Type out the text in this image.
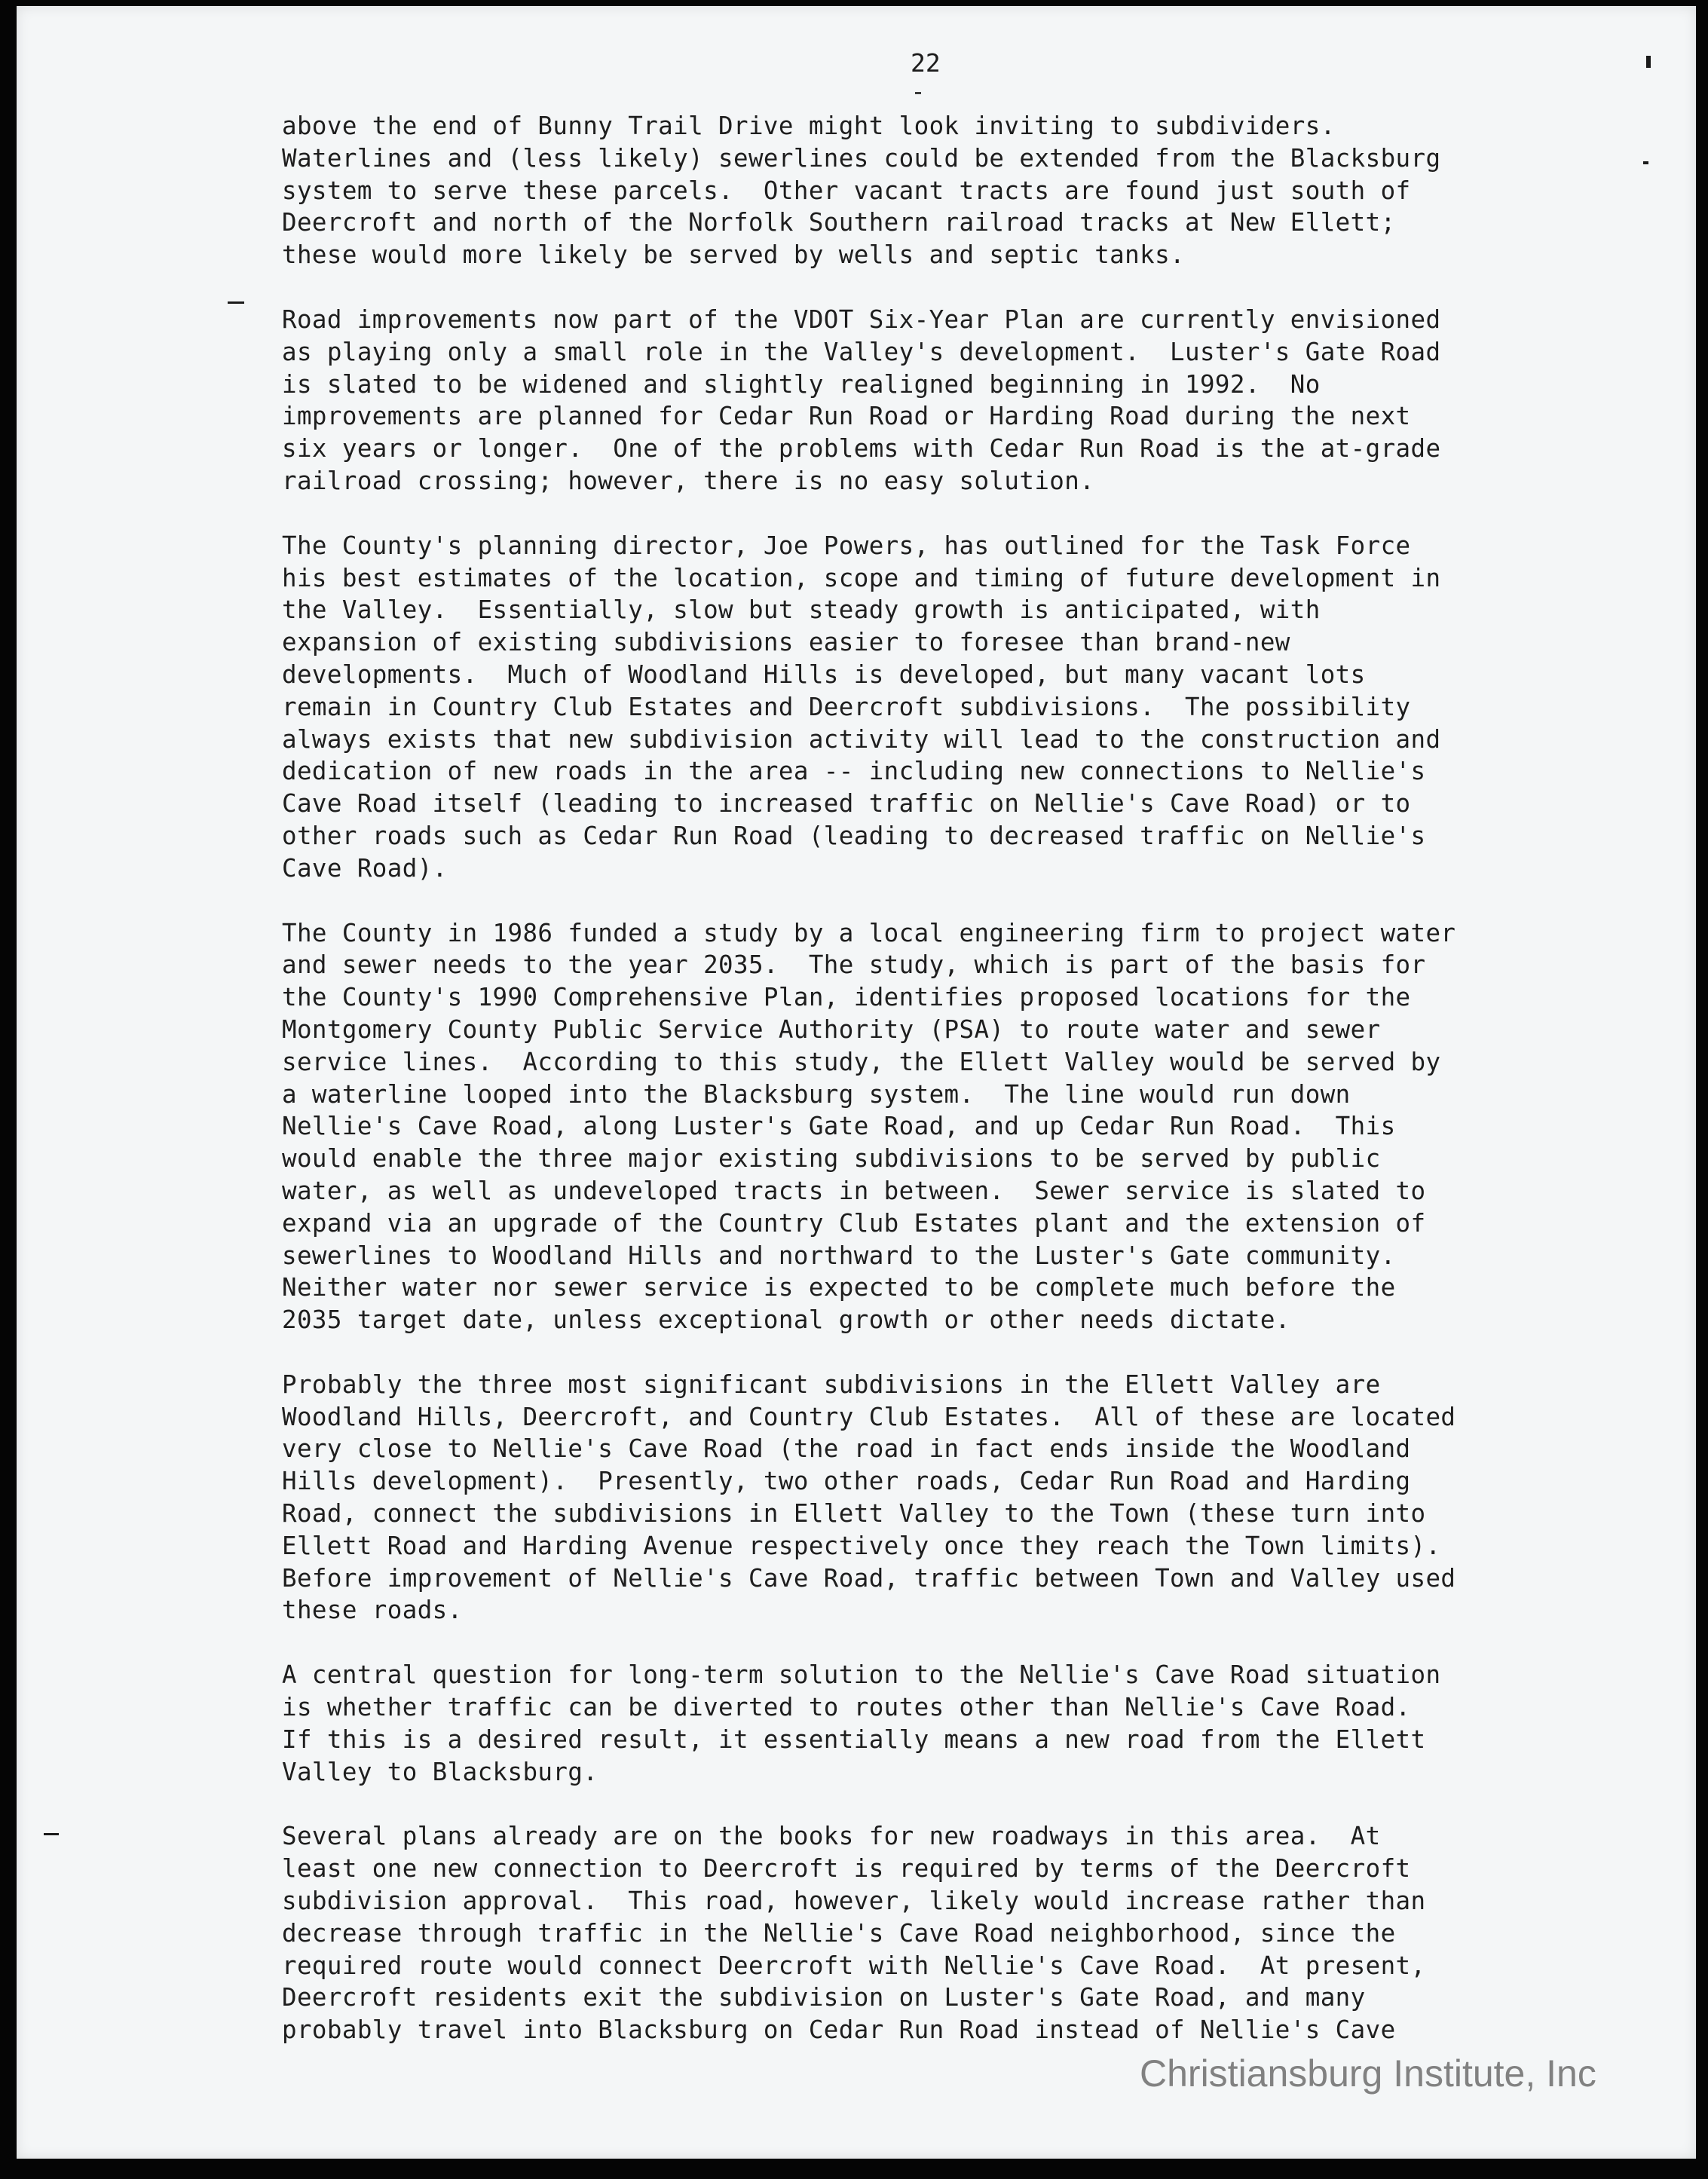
22

above the end of Bunny Trail Drive might look inviting to subdividers.
Waterlines and (less likely) sewerlines could be extended from the Blacksburg
system to serve these parcels.  Other vacant tracts are found just south of
Deercroft and north of the Norfolk Southern railroad tracks at New Ellett;
these would more likely be served by wells and septic tanks.

Road improvements now part of the VDOT Six-Year Plan are currently envisioned
as playing only a small role in the Valley's development.  Luster's Gate Road
is slated to be widened and slightly realigned beginning in 1992.  No
improvements are planned for Cedar Run Road or Harding Road during the next
six years or longer.  One of the problems with Cedar Run Road is the at-grade
railroad crossing; however, there is no easy solution.

The County's planning director, Joe Powers, has outlined for the Task Force
his best estimates of the location, scope and timing of future development in
the Valley.  Essentially, slow but steady growth is anticipated, with
expansion of existing subdivisions easier to foresee than brand-new
developments.  Much of Woodland Hills is developed, but many vacant lots
remain in Country Club Estates and Deercroft subdivisions.  The possibility
always exists that new subdivision activity will lead to the construction and
dedication of new roads in the area -- including new connections to Nellie's
Cave Road itself (leading to increased traffic on Nellie's Cave Road) or to
other roads such as Cedar Run Road (leading to decreased traffic on Nellie's
Cave Road).

The County in 1986 funded a study by a local engineering firm to project water
and sewer needs to the year 2035.  The study, which is part of the basis for
the County's 1990 Comprehensive Plan, identifies proposed locations for the
Montgomery County Public Service Authority (PSA) to route water and sewer
service lines.  According to this study, the Ellett Valley would be served by
a waterline looped into the Blacksburg system.  The line would run down
Nellie's Cave Road, along Luster's Gate Road, and up Cedar Run Road.  This
would enable the three major existing subdivisions to be served by public
water, as well as undeveloped tracts in between.  Sewer service is slated to
expand via an upgrade of the Country Club Estates plant and the extension of
sewerlines to Woodland Hills and northward to the Luster's Gate community.
Neither water nor sewer service is expected to be complete much before the
2035 target date, unless exceptional growth or other needs dictate.

Probably the three most significant subdivisions in the Ellett Valley are
Woodland Hills, Deercroft, and Country Club Estates.  All of these are located
very close to Nellie's Cave Road (the road in fact ends inside the Woodland
Hills development).  Presently, two other roads, Cedar Run Road and Harding
Road, connect the subdivisions in Ellett Valley to the Town (these turn into
Ellett Road and Harding Avenue respectively once they reach the Town limits).
Before improvement of Nellie's Cave Road, traffic between Town and Valley used
these roads.

A central question for long-term solution to the Nellie's Cave Road situation
is whether traffic can be diverted to routes other than Nellie's Cave Road.
If this is a desired result, it essentially means a new road from the Ellett
Valley to Blacksburg.

Several plans already are on the books for new roadways in this area.  At
least one new connection to Deercroft is required by terms of the Deercroft
subdivision approval.  This road, however, likely would increase rather than
decrease through traffic in the Nellie's Cave Road neighborhood, since the
required route would connect Deercroft with Nellie's Cave Road.  At present,
Deercroft residents exit the subdivision on Luster's Gate Road, and many
probably travel into Blacksburg on Cedar Run Road instead of Nellie's Cave

Christiansburg Institute, Inc
